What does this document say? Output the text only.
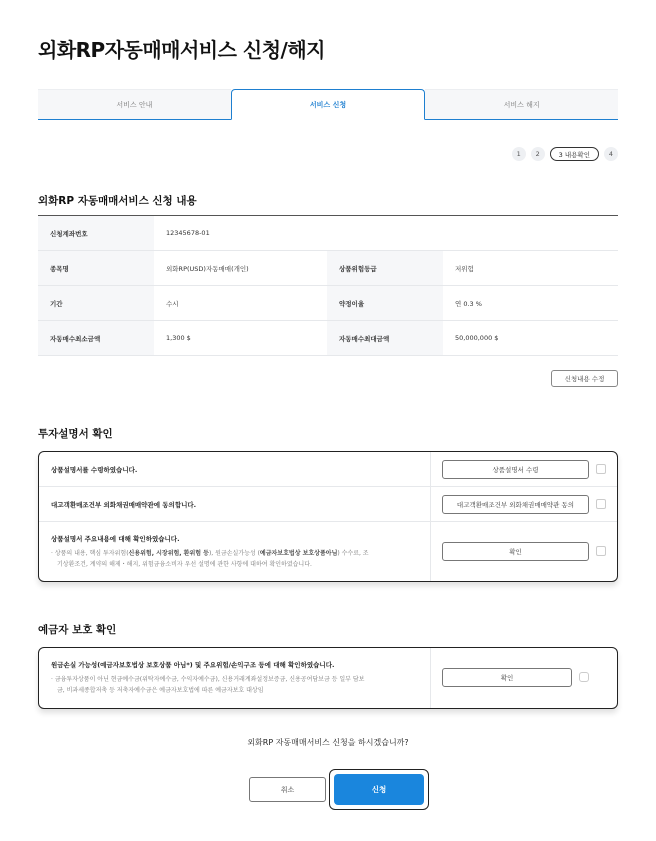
외화RP자동매매서비스 신청/해지
서비스 안내	서비스 신청	서비스 해지
1	2	3 내용확인	4
외화RP 자동매매서비스 신청 내용
신청계좌번호	12345678-01		
종목명	외화RP(USD)자동매매(개인)	상품위험등급	저위험
기간	수시	약정이율	연 0.3 %
자동매수최소금액	1,300 $	자동매수최대금액	50,000,000 $
신청내용 수정
투자설명서 확인
상품설명서를 수령하였습니다.	상품설명서 수령
대고객환매조건부 외화채권매매약관에 동의합니다.	대고객환매조건부 외화채권매매약관 동의
상품설명서 주요내용에 대해 확인하였습니다.
· 상품의 내용, 핵심 투자위험(신용위험, 시장위험, 환위험 등), 원금손실가능성 (예금자보호법상 보호상품아님) 수수료, 조
기상환조건, 계약의 해제・해지, 위험금융소비자 우선 설명에 관한 사항에 대하여 확인하였습니다.
확인
예금자 보호 확인
원금손실 가능성(예금자보호법상 보호상품 아님*) 및 주요위험/손익구조 등에 대해 확인하였습니다.
· 금융투자상품이 아닌 현금예수금(위탁자예수금, 수익자예수금), 신용거래계좌설정보증금, 신용공여담보금 등 일부 담보
금, 비과세종합저축 등 저축자예수금은 예금자보호법에 따른 예금자보호 대상임
확인
외화RP 자동매매서비스 신청을 하시겠습니까?
취소	신청
